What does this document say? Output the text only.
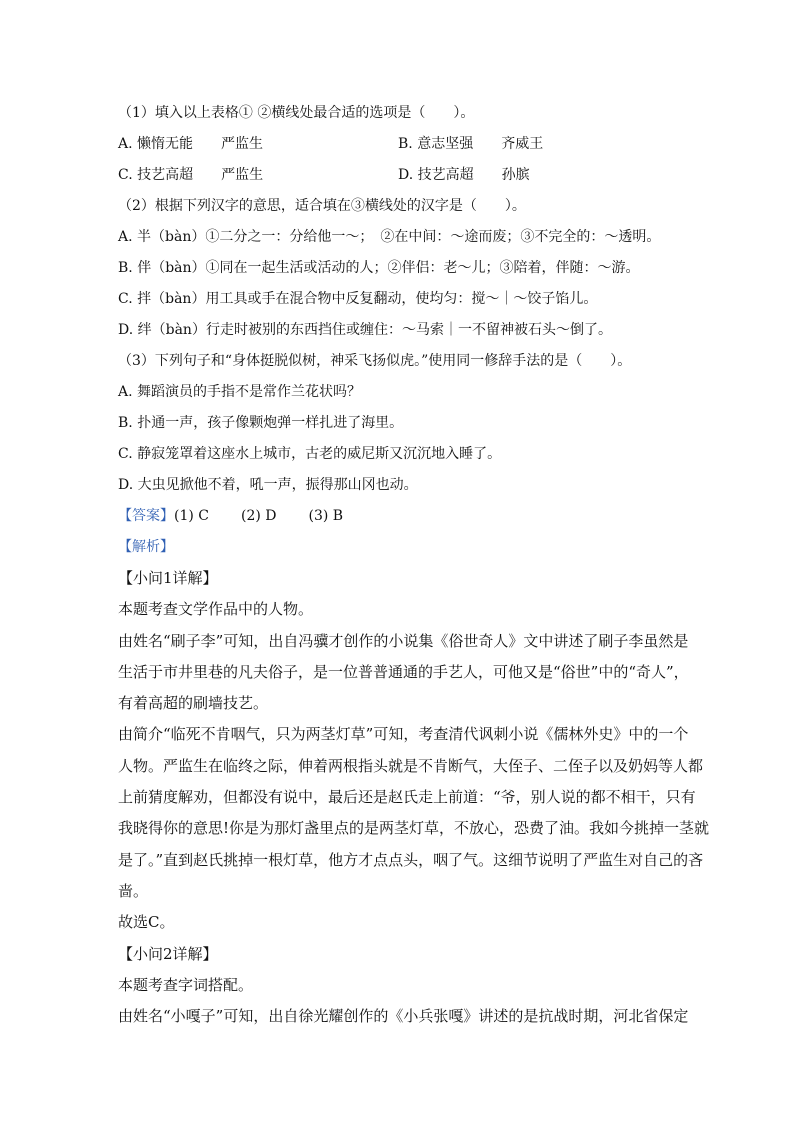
（1）填入以上表格① ②横线处最合适的选项是（　　）。
A. 懒惰无能 严监生	B. 意志坚强 齐威王
C. 技艺高超 严监生	D. 技艺高超 孙膑
（2）根据下列汉字的意思，适合填在③横线处的汉字是（　　）。
A. 半（bàn）①二分之一：分给他一～；　②在中间：～途而废；③不完全的：～透明。
B. 伴（bàn）①同在一起生活或活动的人；②伴侣：老～儿；③陪着，伴随：～游。
C. 拌（bàn）用工具或手在混合物中反复翻动，使均匀：搅～｜～饺子馅儿。
D. 绊（bàn）行走时被别的东西挡住或缠住：～马索｜一不留神被石头～倒了。
（3）下列句子和“身体挺脱似树，神采飞扬似虎。”使用同一修辞手法的是（　　）。
A. 舞蹈演员的手指不是常作兰花状吗？
B. 扑通一声，孩子像颗炮弹一样扎进了海里。
C. 静寂笼罩着这座水上城市，古老的威尼斯又沉沉地入睡了。
D. 大虫见掀他不着，吼一声，振得那山冈也动。
【答案】(1) C (2) D (3) B
【解析】
【小问1详解】
本题考查文学作品中的人物。
由姓名“刷子李”可知，出自冯骥才创作的小说集《俗世奇人》文中讲述了刷子李虽然是
生活于市井里巷的凡夫俗子，是一位普普通通的手艺人，可他又是“俗世”中的“奇人”，
有着高超的刷墙技艺。
由简介“临死不肯咽气，只为两茎灯草”可知，考查清代讽刺小说《儒林外史》中的一个
人物。严监生在临终之际，伸着两根指头就是不肯断气，大侄子、二侄子以及奶妈等人都
上前猜度解劝，但都没有说中，最后还是赵氏走上前道：“爷，别人说的都不相干，只有
我晓得你的意思!你是为那灯盏里点的是两茎灯草，不放心，恐费了油。我如今挑掉一茎就
是了。”直到赵氏挑掉一根灯草，他方才点点头，咽了气。这细节说明了严监生对自己的吝
啬。
故选C。
【小问2详解】
本题考查字词搭配。
由姓名“小嘎子”可知，出自徐光耀创作的《小兵张嘎》讲述的是抗战时期，河北省保定
